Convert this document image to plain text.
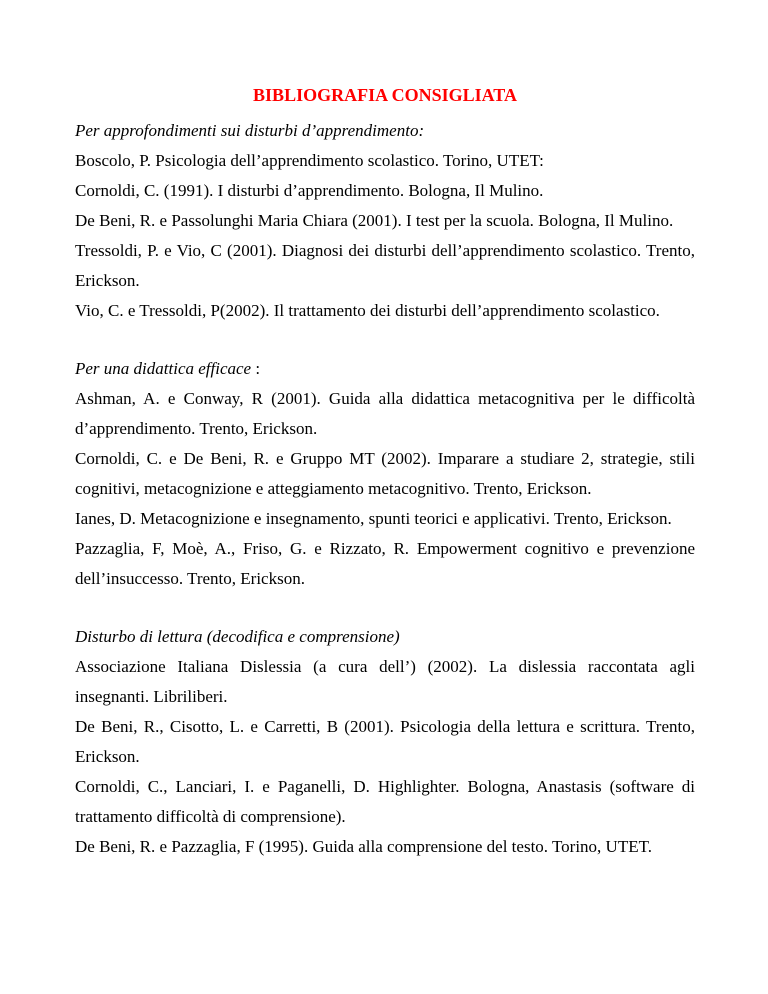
BIBLIOGRAFIA CONSIGLIATA

Per approfondimenti sui disturbi d’apprendimento:

Boscolo, P. Psicologia dell’apprendimento scolastico. Torino, UTET:

Cornoldi, C. (1991). I disturbi d’apprendimento. Bologna, Il Mulino.

De Beni, R. e Passolunghi Maria Chiara (2001). I test per la scuola. Bologna, Il Mulino.

Tressoldi, P. e Vio, C (2001). Diagnosi dei disturbi dell’apprendimento scolastico. Trento, Erickson.

Vio, C. e Tressoldi, P(2002). Il trattamento dei disturbi dell’apprendimento scolastico.

Per una didattica efficace :

Ashman, A. e Conway, R (2001). Guida alla didattica metacognitiva per le difficoltà d’apprendimento. Trento, Erickson.

Cornoldi, C. e De Beni, R. e Gruppo MT (2002). Imparare a studiare 2, strategie, stili cognitivi, metacognizione e atteggiamento metacognitivo. Trento, Erickson.

Ianes, D. Metacognizione e insegnamento, spunti teorici e applicativi. Trento, Erickson.

Pazzaglia, F, Moè, A., Friso, G. e Rizzato, R. Empowerment cognitivo e prevenzione dell’insuccesso. Trento, Erickson.

Disturbo di lettura (decodifica e comprensione)

Associazione Italiana Dislessia (a cura dell’) (2002). La dislessia raccontata agli insegnanti. Libriliberi.

De Beni, R., Cisotto, L. e Carretti, B (2001). Psicologia della lettura e scrittura. Trento, Erickson.

Cornoldi, C., Lanciari, I. e Paganelli, D. Highlighter. Bologna, Anastasis (software di trattamento difficoltà di comprensione).

De Beni, R. e Pazzaglia, F (1995). Guida alla comprensione del testo. Torino, UTET.
